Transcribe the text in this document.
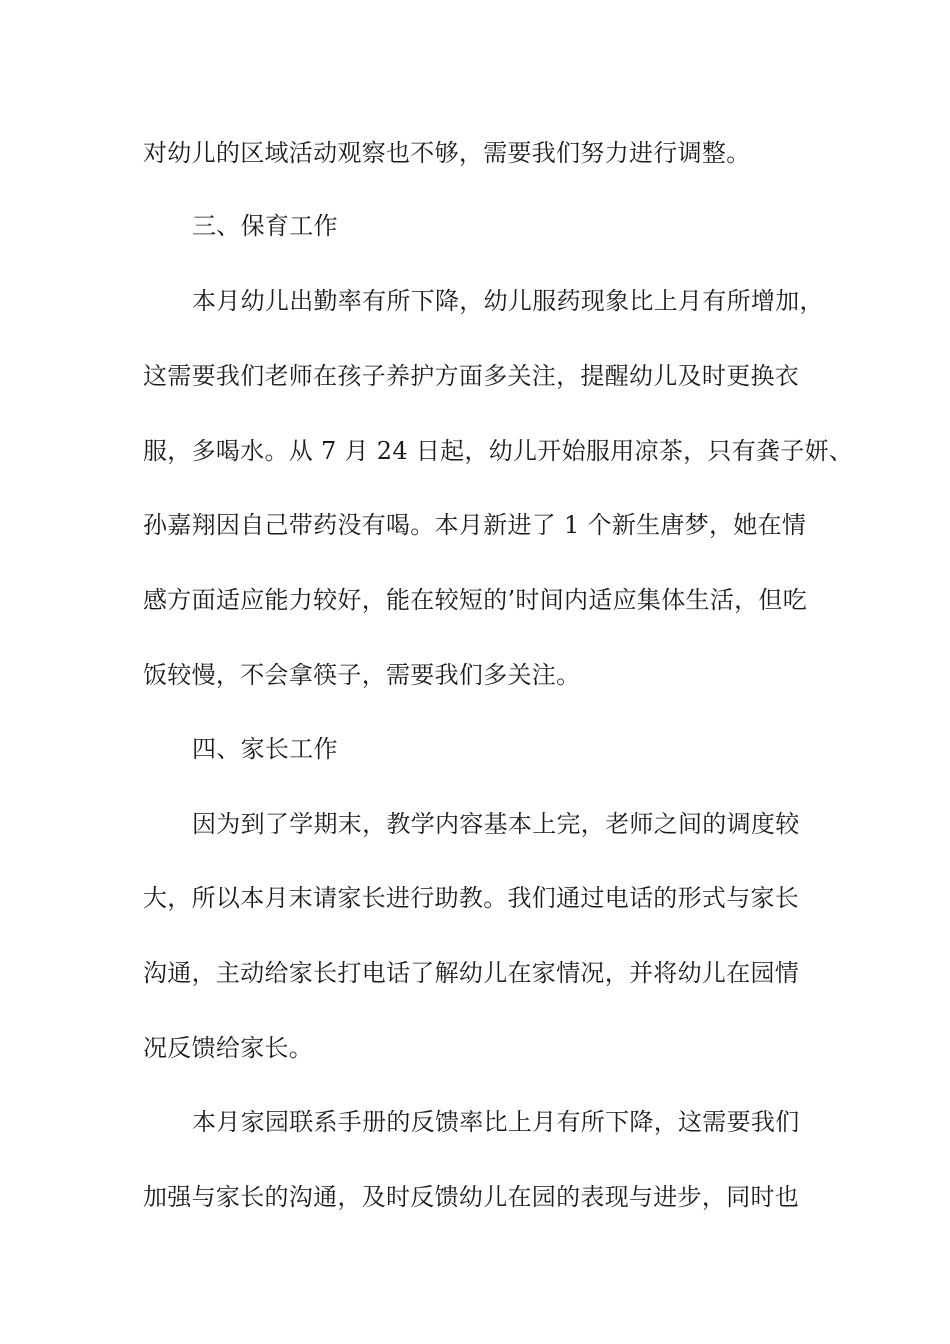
对幼儿的区域活动观察也不够，需要我们努力进行调整。
三、保育工作
本月幼儿出勤率有所下降，幼儿服药现象比上月有所增加，
这需要我们老师在孩子养护方面多关注，提醒幼儿及时更换衣
服，多喝水。从 7 月 24 日起，幼儿开始服用凉茶，只有龚子妍、
孙嘉翔因自己带药没有喝。本月新进了 1 个新生唐梦，她在情
感方面适应能力较好，能在较短的’时间内适应集体生活，但吃
饭较慢，不会拿筷子，需要我们多关注。
四、家长工作
因为到了学期末，教学内容基本上完，老师之间的调度较
大，所以本月末请家长进行助教。我们通过电话的形式与家长
沟通，主动给家长打电话了解幼儿在家情况，并将幼儿在园情
况反馈给家长。
本月家园联系手册的反馈率比上月有所下降，这需要我们
加强与家长的沟通，及时反馈幼儿在园的表现与进步，同时也
